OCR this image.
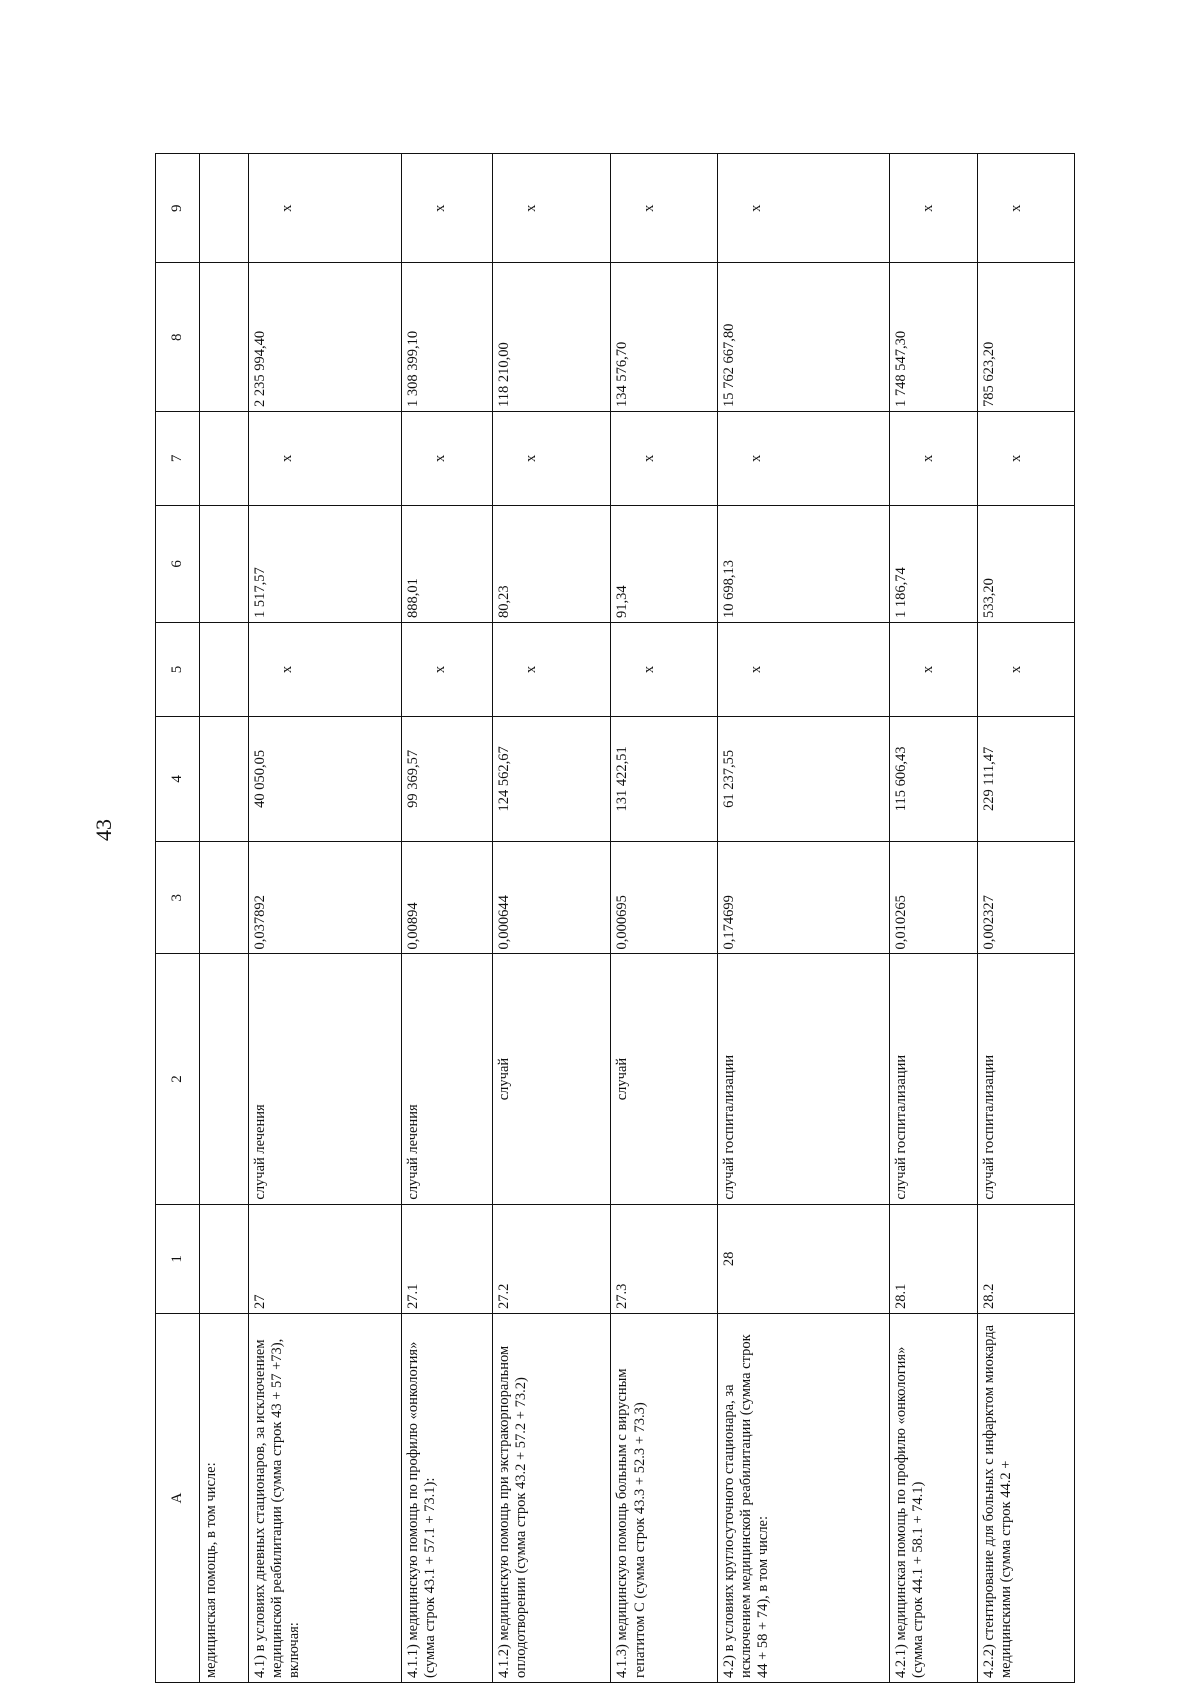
43
A	1	2	3	4	5	6	7	8	9
медицинская помощь, в том числе:									
4.1) в условиях дневных стационаров, за исключением медицинской реабилитации (сумма строк 43 + 57 +73), включая:	27	случай лечения	0,037892	40 050,05	х	1 517,57	х	2 235 994,40	х
4.1.1) медицинскую помощь по профилю «онкология» (сумма строк 43.1 + 57.1 + 73.1):	27.1	случай лечения	0,00894	99 369,57	х	888,01	х	1 308 399,10	х
4.1.2) медицинскую помощь при экстракорпоральном оплодотворении (сумма строк 43.2 + 57.2 + 73.2)	27.2	случай	0,000644	124 562,67	х	80,23	х	118 210,00	х
4.1.3) медицинскую помощь больным с вирусным гепатитом С (сумма строк 43.3 + 52.3 + 73.3)	27.3	случай	0,000695	131 422,51	х	91,34	х	134 576,70	х
4.2) в условиях круглосуточного стационара, за исключением медицинской реабилитации (сумма строк 44 + 58 + 74), в том числе:	28	случай госпитализации	0,174699	61 237,55	х	10 698,13	х	15 762 667,80	х
4.2.1) медицинская помощь по профилю «онкология» (сумма строк 44.1 + 58.1 + 74.1)	28.1	случай госпитализации	0,010265	115 606,43	х	1 186,74	х	1 748 547,30	х
4.2.2) стентирование для больных с инфарктом миокарда медицинскими (сумма строк 44.2 +	28.2	случай госпитализации	0,002327	229 111,47	х	533,20	х	785 623,20	х
